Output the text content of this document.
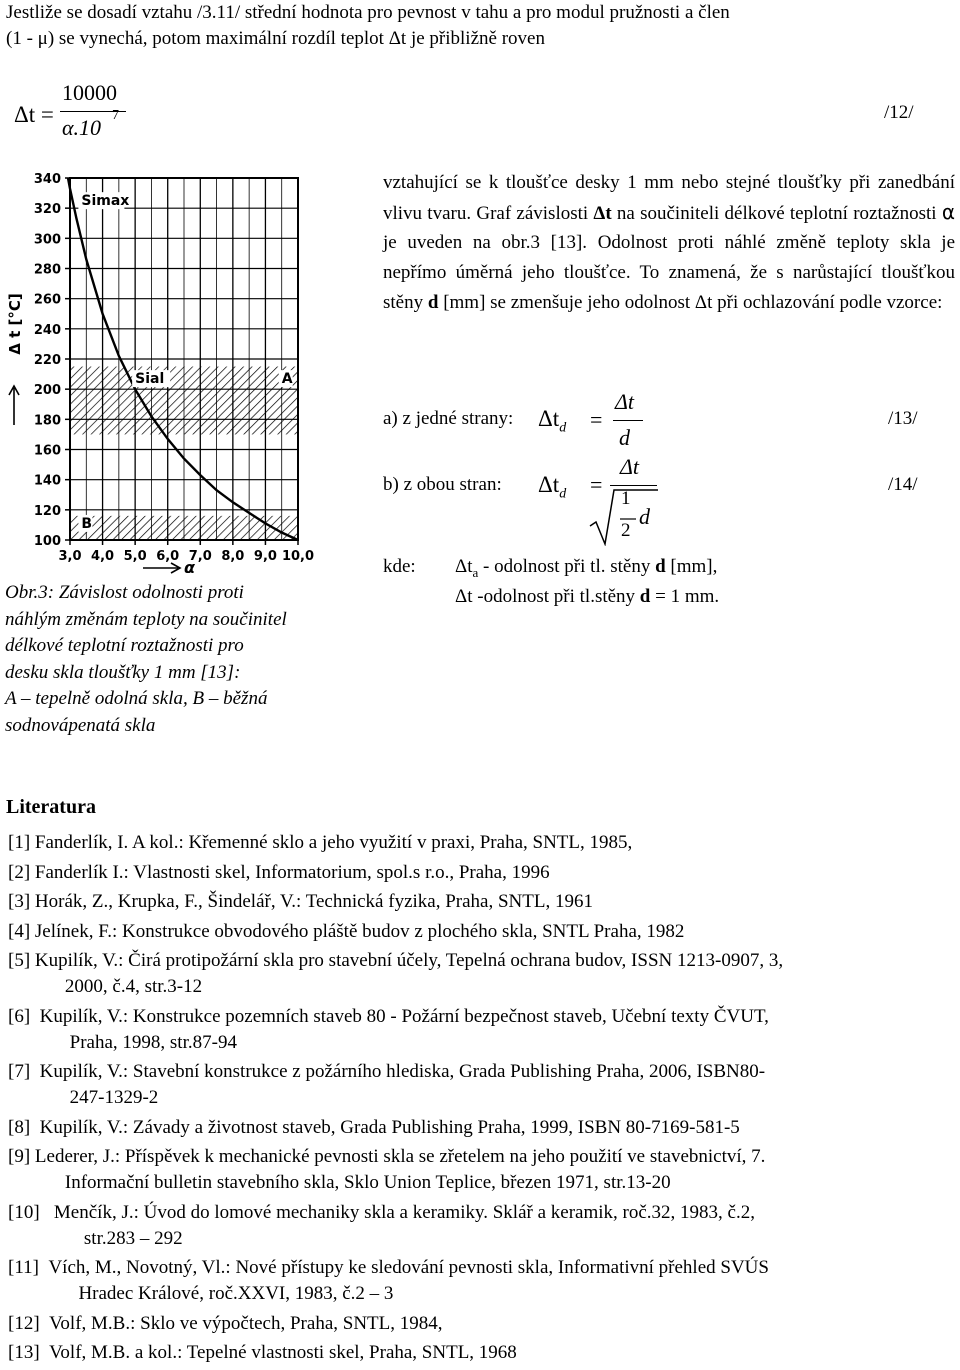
Jestliže se dosadí vztahu /3.11/ střední hodnota pro pevnost v tahu a pro modul pružnosti a člen
(1 - μ) se vynechá, potom maximální rozdíl teplot Δt je přibližně roven
Δt =
10000
α.10 7	/12/
340
320
300
280
260
240
220
200
180
160
140
120
100
3,0 4,0 5,0 6,0 7,0 8,0 9,0 10,0
Simax
Sial	A
B
Δ t [°C]
α
vztahující se k tloušťce desky 1 mm nebo stejné tloušťky při zanedbání vlivu tvaru. Graf závislosti Δt na součiniteli délkové teplotní roztažnosti α je uveden na obr.3 [13]. Odolnost proti náhlé změně teploty skla je nepřímo úměrná jeho tloušťce. To znamená, že s narůstající tloušťkou stěny d [mm] se zmenšuje jeho odolnost Δt při ochlazování podle vzorce:
a) z jedné strany: $\Delta t_d$ =
Δt
d
/13/
b) z obou stran: $\Delta t_d$ =
Δt
1
2
d
/14/
kde: $\Delta t_a$ - odolnost při tl. stěny d [mm],
Δt -odolnost při tl.stěny d = 1 mm.
Obr.3: Závislost odolnosti proti
náhlým změnám teploty na součinitel
délkové teplotní roztažnosti pro
desku skla tloušťky 1 mm [13]:
A – tepelně odolná skla, B – běžná
sodnovápenatá skla
Literatura
[1] Fanderlík, I. A kol.: Křemenné sklo a jeho využití v praxi, Praha, SNTL, 1985,
[2] Fanderlík I.: Vlastnosti skel, Informatorium, spol.s r.o., Praha, 1996
[3] Horák, Z., Krupka, F., Šindelář, V.: Technická fyzika, Praha, SNTL, 1961
[4] Jelínek, F.: Konstrukce obvodového pláště budov z plochého skla, SNTL Praha, 1982
[5] Kupilík, V.: Čirá protipožární skla pro stavební účely, Tepelná ochrana budov, ISSN 1213-0907, 3,
2000, č.4, str.3-12
[6] Kupilík, V.: Konstrukce pozemních staveb 80 - Požární bezpečnost staveb, Učební texty ČVUT,
Praha, 1998, str.87-94
[7] Kupilík, V.: Stavební konstrukce z požárního hlediska, Grada Publishing Praha, 2006, ISBN80-
247-1329-2
[8] Kupilík, V.: Závady a životnost staveb, Grada Publishing Praha, 1999, ISBN 80-7169-581-5
[9] Lederer, J.: Příspěvek k mechanické pevnosti skla se zřetelem na jeho použití ve stavebnictví, 7.
Informační bulletin stavebního skla, Sklo Union Teplice, březen 1971, str.13-20
[10] Menčík, J.: Úvod do lomové mechaniky skla a keramiky. Sklář a keramik, roč.32, 1983, č.2,
str.283 – 292
[11] Vích, M., Novotný, Vl.: Nové přístupy ke sledování pevnosti skla, Informativní přehled SVÚS
Hradec Králové, roč.XXVI, 1983, č.2 – 3
[12] Volf, M.B.: Sklo ve výpočtech, Praha, SNTL, 1984,
[13] Volf, M.B. a kol.: Tepelné vlastnosti skel, Praha, SNTL, 1968
